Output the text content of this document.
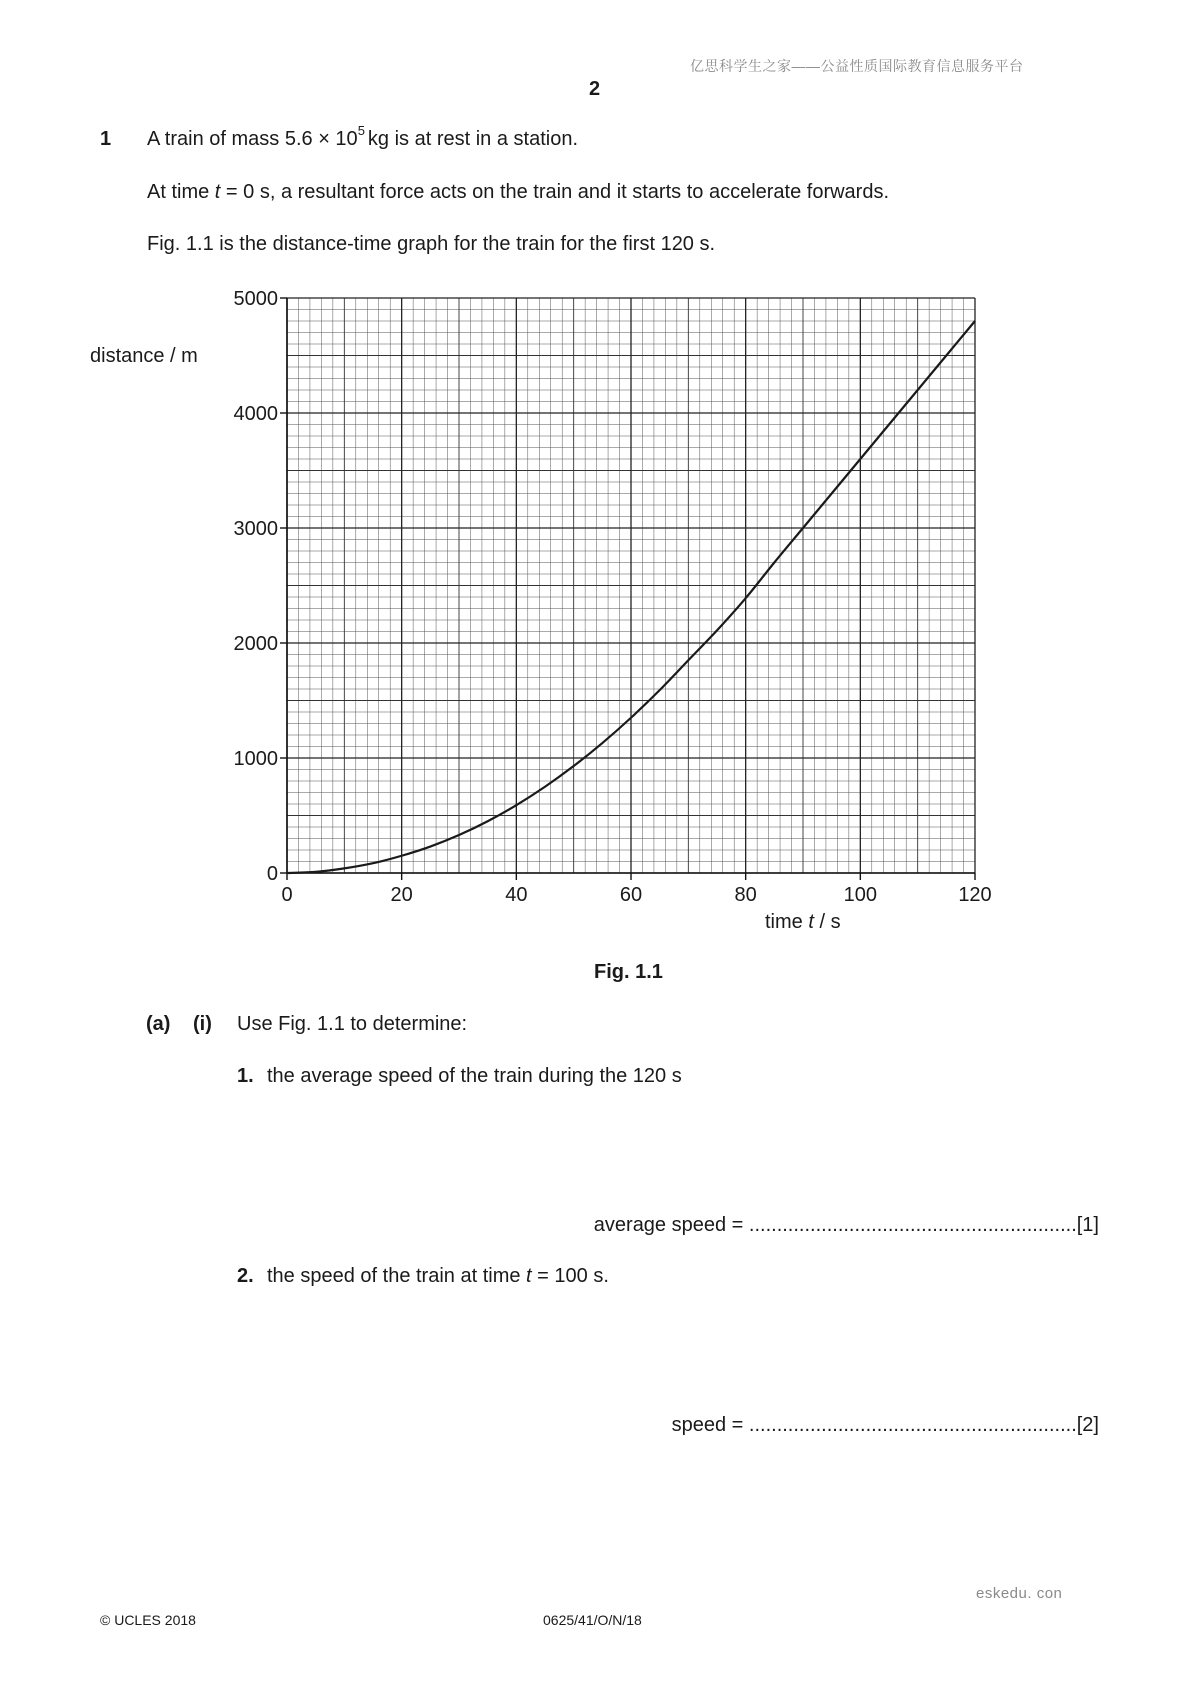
亿思科学生之家——公益性质国际教育信息服务平台
2
1 A train of mass $5.6 \times 10^5$ kg is at rest in a station.
At time t = 0 s, a resultant force acts on the train and it starts to accelerate forwards.
Fig. 1.1 is the distance-time graph for the train for the first 120 s.
0	20	40	60	80	100	120
0
1000
2000
3000
4000
5000
distance / m
time t / s
Fig. 1.1
(a) (i) Use Fig. 1.1 to determine:
1. the average speed of the train during the 120 s
average speed = ...........................................................[1]
2. the speed of the train at time t = 100 s.
speed = ...........................................................[2]
eskedu. con
© UCLES 2018	0625/41/O/N/18
